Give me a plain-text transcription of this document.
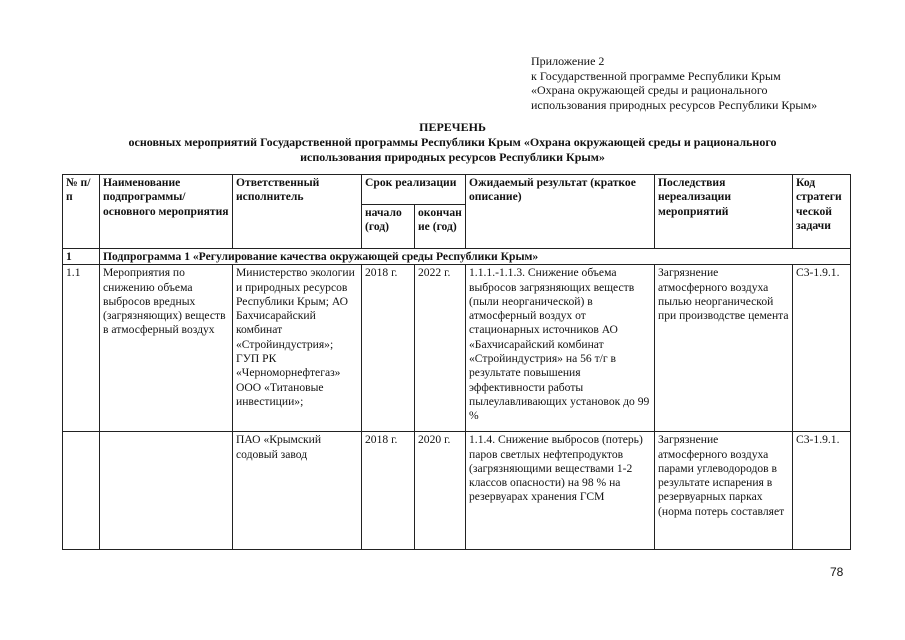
Приложение 2
к Государственной программе Республики Крым
«Охрана окружающей среды и рационального
использования природных ресурсов Республики Крым»
ПЕРЕЧЕНЬ
основных мероприятий Государственной программы Республики Крым «Охрана окружающей среды и рационального
использования природных ресурсов Республики Крым»
№ п/п	Наименование подпрограммы/ основного мероприятия	Ответственный исполнитель	Срок реализации		Ожидаемый результат (краткое описание)	Последствия нереализации мероприятий	Код стратегической задачи
			начало (год)	окончание (год)			
1	Подпрограмма 1 «Регулирование качества окружающей среды Республики Крым»						
1.1	Мероприятия по снижению объема выбросов вредных (загрязняющих) веществ в атмосферный воздух	Министерство экологии и природных ресурсов Республики Крым; АО Бахчисарайский комбинат «Стройиндустрия»; ГУП РК «Черноморнефтегаз» ООО «Титановые инвестиции»;	2018 г.	2022 г.	1.1.1.-1.1.3. Снижение объема выбросов загрязняющих веществ (пыли неорганической) в атмосферный воздух от стационарных источников АО «Бахчисарайский комбинат «Стройиндустрия» на 56 т/г в результате повышения эффективности работы пылеулавливающих установок до 99 %	Загрязнение атмосферного воздуха пылью неорганической при производстве цемента	С3-1.9.1.
		ПАО «Крымский содовый завод	2018 г.	2020 г.	1.1.4. Снижение выбросов (потерь) паров светлых нефтепродуктов (загрязняющими веществами 1-2 классов опасности) на 98 % на резервуарах хранения ГСМ	Загрязнение атмосферного воздуха парами углеводородов в результате испарения в резервуарных парках (норма потерь составляет	С3-1.9.1.
78
